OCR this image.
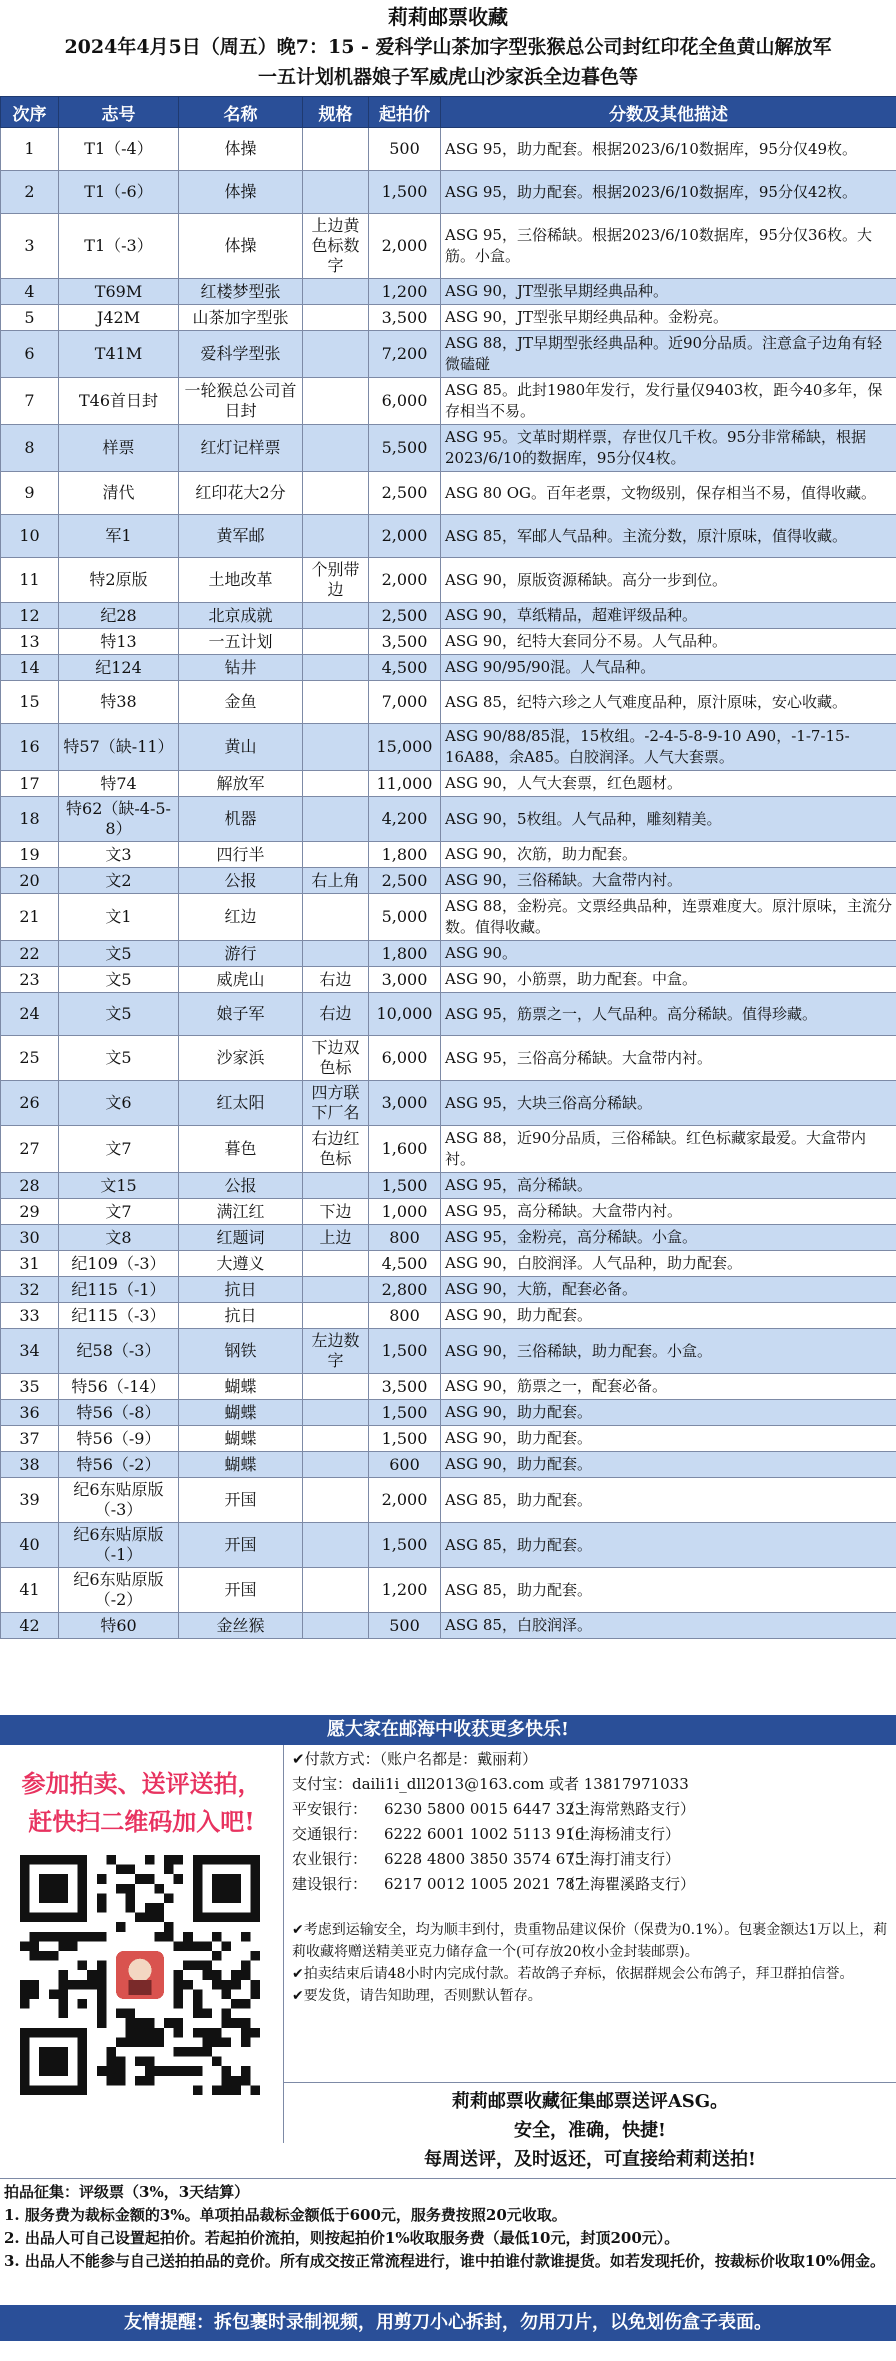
莉莉邮票收藏
2024年4月5日（周五）晚7：15 - 爱科学山茶加字型张猴总公司封红印花全鱼黄山解放军
一五计划机器娘子军威虎山沙家浜全边暮色等
次序	志号	名称	规格	起拍价	分数及其他描述
1	T1（-4）	体操		500	ASG 95，助力配套。根据2023/6/10数据库，95分仅49枚。
2	T1（-6）	体操		1,500	ASG 95，助力配套。根据2023/6/10数据库，95分仅42枚。
3	T1（-3）	体操	上边黄色标数字	2,000	ASG 95，三俗稀缺。根据2023/6/10数据库，95分仅36枚。大筋。小盒。
4	T69M	红楼梦型张		1,200	ASG 90，JT型张早期经典品种。
5	J42M	山茶加字型张		3,500	ASG 90，JT型张早期经典品种。金粉亮。
6	T41M	爱科学型张		7,200	ASG 88，JT早期型张经典品种。近90分品质。注意盒子边角有轻微磕碰
7	T46首日封	一轮猴总公司首日封		6,000	ASG 85。此封1980年发行，发行量仅9403枚，距今40多年，保存相当不易。
8	样票	红灯记样票		5,500	ASG 95。文革时期样票，存世仅几千枚。95分非常稀缺，根据2023/6/10的数据库，95分仅4枚。
9	清代	红印花大2分		2,500	ASG 80 OG。百年老票，文物级别，保存相当不易，值得收藏。
10	军1	黄军邮		2,000	ASG 85，军邮人气品种。主流分数，原汁原味，值得收藏。
11	特2原版	土地改革	个别带边	2,000	ASG 90，原版资源稀缺。高分一步到位。
12	纪28	北京成就		2,500	ASG 90，草纸精品，超难评级品种。
13	特13	一五计划		3,500	ASG 90，纪特大套同分不易。人气品种。
14	纪124	钻井		4,500	ASG 90/95/90混。人气品种。
15	特38	金鱼		7,000	ASG 85，纪特六珍之人气难度品种，原汁原味，安心收藏。
16	特57（缺-11）	黄山		15,000	ASG 90/88/85混，15枚组。-2-4-5-8-9-10 A90，-1-7-15-16A88，余A85。白胶润泽。人气大套票。
17	特74	解放军		11,000	ASG 90，人气大套票，红色题材。
18	特62（缺-4-5-8）	机器		4,200	ASG 90，5枚组。人气品种，雕刻精美。
19	文3	四行半		1,800	ASG 90，次筋，助力配套。
20	文2	公报	右上角	2,500	ASG 90，三俗稀缺。大盒带内衬。
21	文1	红边		5,000	ASG 88，金粉亮。文票经典品种，连票难度大。原汁原味，主流分数。值得收藏。
22	文5	游行		1,800	ASG 90。
23	文5	威虎山	右边	3,000	ASG 90，小筋票，助力配套。中盒。
24	文5	娘子军	右边	10,000	ASG 95，筋票之一，人气品种。高分稀缺。值得珍藏。
25	文5	沙家浜	下边双色标	6,000	ASG 95，三俗高分稀缺。大盒带内衬。
26	文6	红太阳	四方联下厂名	3,000	ASG 95，大块三俗高分稀缺。
27	文7	暮色	右边红色标	1,600	ASG 88，近90分品质，三俗稀缺。红色标藏家最爱。大盒带内衬。
28	文15	公报		1,500	ASG 95，高分稀缺。
29	文7	满江红	下边	1,000	ASG 95，高分稀缺。大盒带内衬。
30	文8	红题词	上边	800	ASG 95，金粉亮，高分稀缺。小盒。
31	纪109（-3）	大遵义		4,500	ASG 90，白胶润泽。人气品种，助力配套。
32	纪115（-1）	抗日		2,800	ASG 90，大筋，配套必备。
33	纪115（-3）	抗日		800	ASG 90，助力配套。
34	纪58（-3）	钢铁	左边数字	1,500	ASG 90，三俗稀缺，助力配套。小盒。
35	特56（-14）	蝴蝶		3,500	ASG 90，筋票之一，配套必备。
36	特56（-8）	蝴蝶		1,500	ASG 90，助力配套。
37	特56（-9）	蝴蝶		1,500	ASG 90，助力配套。
38	特56（-2）	蝴蝶		600	ASG 90，助力配套。
39	纪6东贴原版（-3）	开国		2,000	ASG 85，助力配套。
40	纪6东贴原版（-1）	开国		1,500	ASG 85，助力配套。
41	纪6东贴原版（-2）	开国		1,200	ASG 85，助力配套。
42	特60	金丝猴		500	ASG 85，白胶润泽。
愿大家在邮海中收获更多快乐!
参加拍卖、送评送拍，
赶快扫二维码加入吧!
✔付款方式：（账户名都是：戴丽莉）
支付宝：daili1i_dll2013@163.com 或者 13817971033
平安银行： 6230 5800 0015 6447 323（上海常熟路支行）
交通银行： 6222 6001 1002 5113 916（上海杨浦支行）
农业银行： 6228 4800 3850 3574 675（上海打浦支行）
建设银行： 6217 0012 1005 2021 787（上海瞿溪路支行）

✔考虑到运输安全，均为顺丰到付，贵重物品建议保价（保费为0.1%）。包裹金额达1万以上，莉莉收藏将赠送精美亚克力储存盒一个(可存放20枚小金封装邮票)。

✔拍卖结束后请48小时内完成付款。若故鸽子弃标，依据群规会公布鸽子，拜卫群拍信誉。

✔要发货，请告知助理，否则默认暂存。

莉莉邮票收藏征集邮票送评ASG。
安全，准确，快捷!
每周送评，及时返还，可直接给莉莉送拍!

拍品征集：评级票（3%，3天结算）

1. 服务费为裁标金额的3%。单项拍品裁标金额低于600元，服务费按照20元收取。

2. 出品人可自己设置起拍价。若起拍价流拍，则按起拍价1%收取服务费（最低10元，封顶200元）。

3. 出品人不能参与自己送拍拍品的竞价。所有成交按正常流程进行，谁中拍谁付款谁提货。如若发现托价，按裁标价收取10%佣金。

友情提醒：拆包裹时录制视频，用剪刀小心拆封，勿用刀片，以免划伤盒子表面。
